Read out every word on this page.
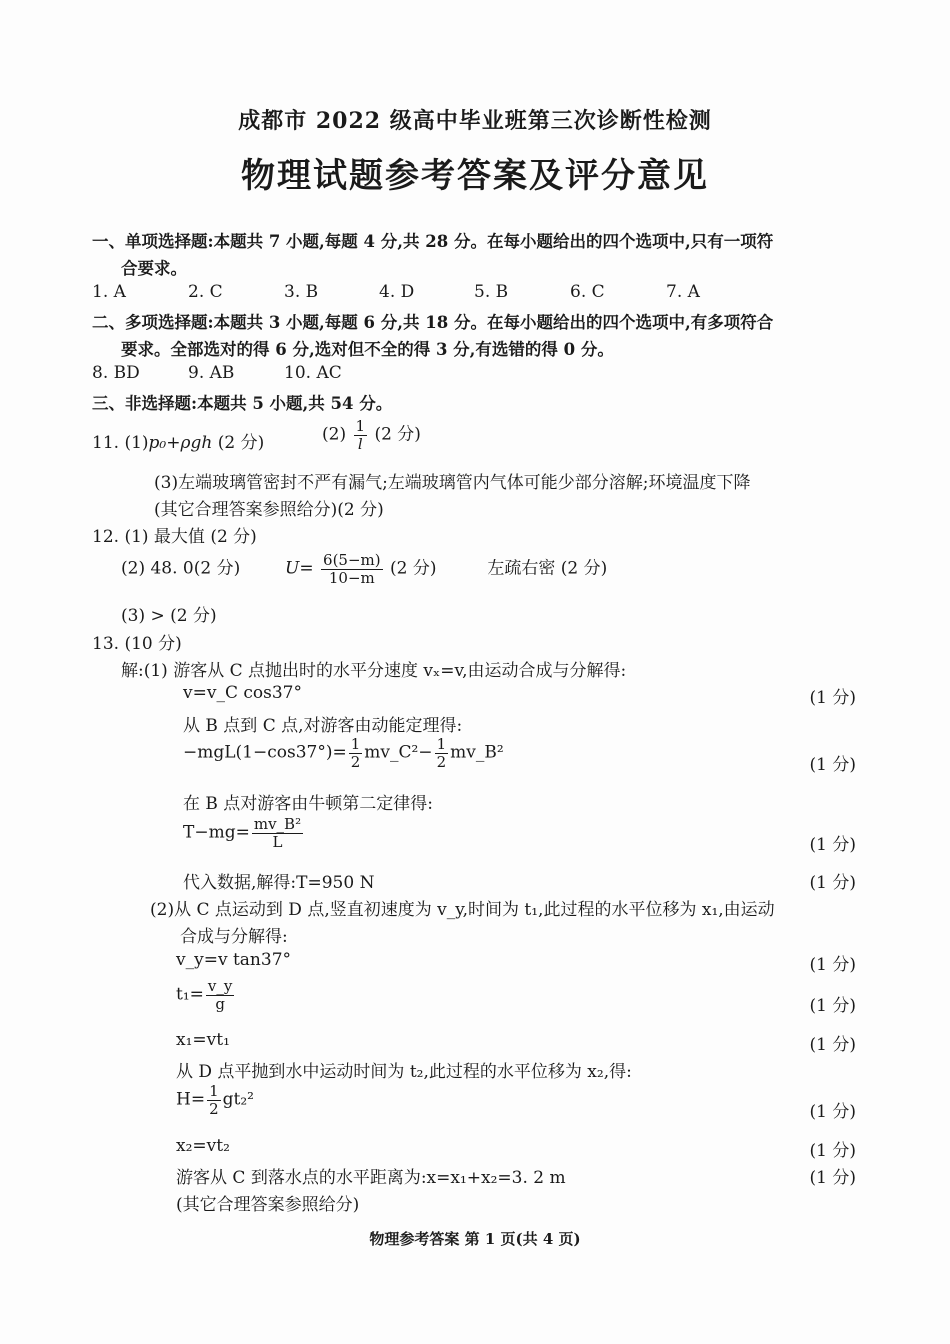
成都市 2022 级高中毕业班第三次诊断性检测
物理试题参考答案及评分意见
一、单项选择题:本题共 7 小题,每题 4 分,共 28 分。在每小题给出的四个选项中,只有一项符
合要求。
1. A	2. C	3. B	4. D	5. B	6. C	7. A
二、多项选择题:本题共 3 小题,每题 6 分,共 18 分。在每小题给出的四个选项中,有多项符合
要求。全部选对的得 6 分,选对但不全的得 3 分,有选错的得 0 分。
8. BD	9. AB	10. AC
三、非选择题:本题共 5 小题,共 54 分。
11. (1)p₀+ρgh (2 分)	$(2) \frac{1}{l} (2$ 分)
(3)左端玻璃管密封不严有漏气;左端玻璃管内气体可能少部分溶解;环境温度下降
(其它合理答案参照给分)(2 分)
12. (1) 最大值 (2 分)
(2) 48. 0(2 分)	$U= \frac{6(5-m)}{10-m} (2$ 分)	左疏右密 (2 分)
(3) > (2 分)
13. (10 分)
解:(1) 游客从 C 点抛出时的水平分速度 vₓ=v,由运动合成与分解得:
v=v_C cos37°	(1 分)
从 B 点到 C 点,对游客由动能定理得:
$-mgL(1-\cos 37^\circ)= \frac{1}{2}$ mv_C²− $\frac{1}{2}$ mv_B²
(1 分)
在 B 点对游客由牛顿第二定律得:
$T-mg= \frac{\text{mv\_B²}}{L}$	(1 分)
代入数据,解得:T=950 N	(1 分)
(2)从 C 点运动到 D 点,竖直初速度为 v_y,时间为 t₁,此过程的水平位移为 x₁,由运动
合成与分解得:
v_y=v tan37°	(1 分)
$t_1= \frac{v\_y}{g}$	(1 分)
x₁=vt₁	(1 分)
从 D 点平抛到水中运动时间为 t₂,此过程的水平位移为 x₂,得:
$H= \frac{1}{2} gt_2^2$
(1 分)
x₂=vt₂	(1 分)
游客从 C 到落水点的水平距离为:x=x₁+x₂=3. 2 m	(1 分)
(其它合理答案参照给分)
物理参考答案 第 1 页(共 4 页)
